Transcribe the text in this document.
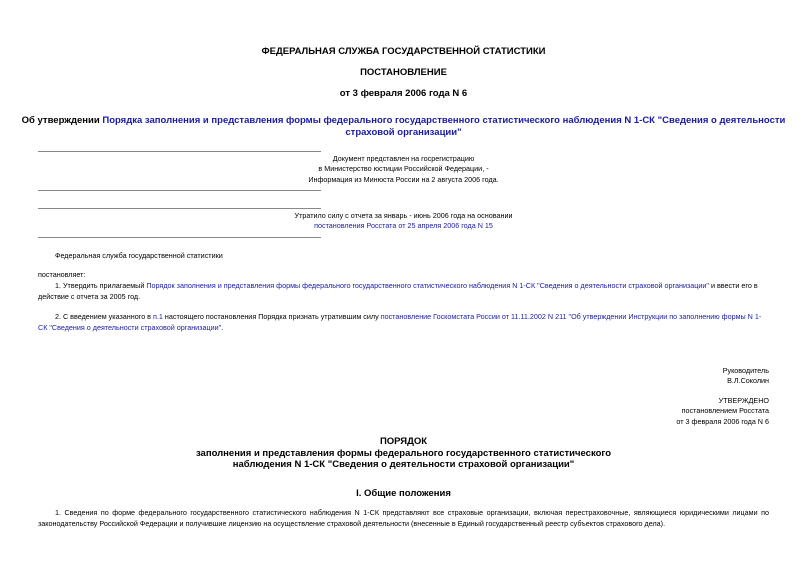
ФЕДЕРАЛЬНАЯ СЛУЖБА ГОСУДАРСТВЕННОЙ СТАТИСТИКИ
ПОСТАНОВЛЕНИЕ
от 3 февраля 2006 года N 6
Об утверждении Порядка заполнения и представления формы федерального государственного статистического наблюдения N 1-СК "Сведения о деятельности
страховой организации"
Документ представлен на госрегистрацию
в Министерство юстиции Российской Федерации, -
Информация из Минюста России на 2 августа 2006 года.
Утратило силу с отчета за январь - июнь 2006 года на основании
постановления Росстата от 25 апреля 2006 года N 15
Федеральная служба государственной статистики
постановляет:
1. Утвердить прилагаемый Порядок заполнения и представления формы федерального государственного статистического наблюдения N 1-СК "Сведения о деятельности страховой организации" и ввести его в действие с отчета за 2005 год.
2. С введением указанного в п.1 настоящего постановления Порядка признать утратившим силу постановление Госкомстата России от 11.11.2002 N 211 "Об утверждении Инструкции по заполнению формы N 1-СК "Сведения о деятельности страховой организации".
Руководитель
В.Л.Соколин
УТВЕРЖДЕНО
постановлением Росстата
от 3 февраля 2006 года N 6
ПОРЯДОК
заполнения и представления формы федерального государственного статистического
наблюдения N 1-СК "Сведения о деятельности страховой организации"
I. Общие положения
1. Сведения по форме федерального государственного статистического наблюдения N 1-СК представляют все страховые организации, включая перестраховочные, являющиеся юридическими лицами по законодательству Российской Федерации и получившие лицензию на осуществление страховой деятельности (внесенные в Единый государственный реестр субъектов страхового дела).
